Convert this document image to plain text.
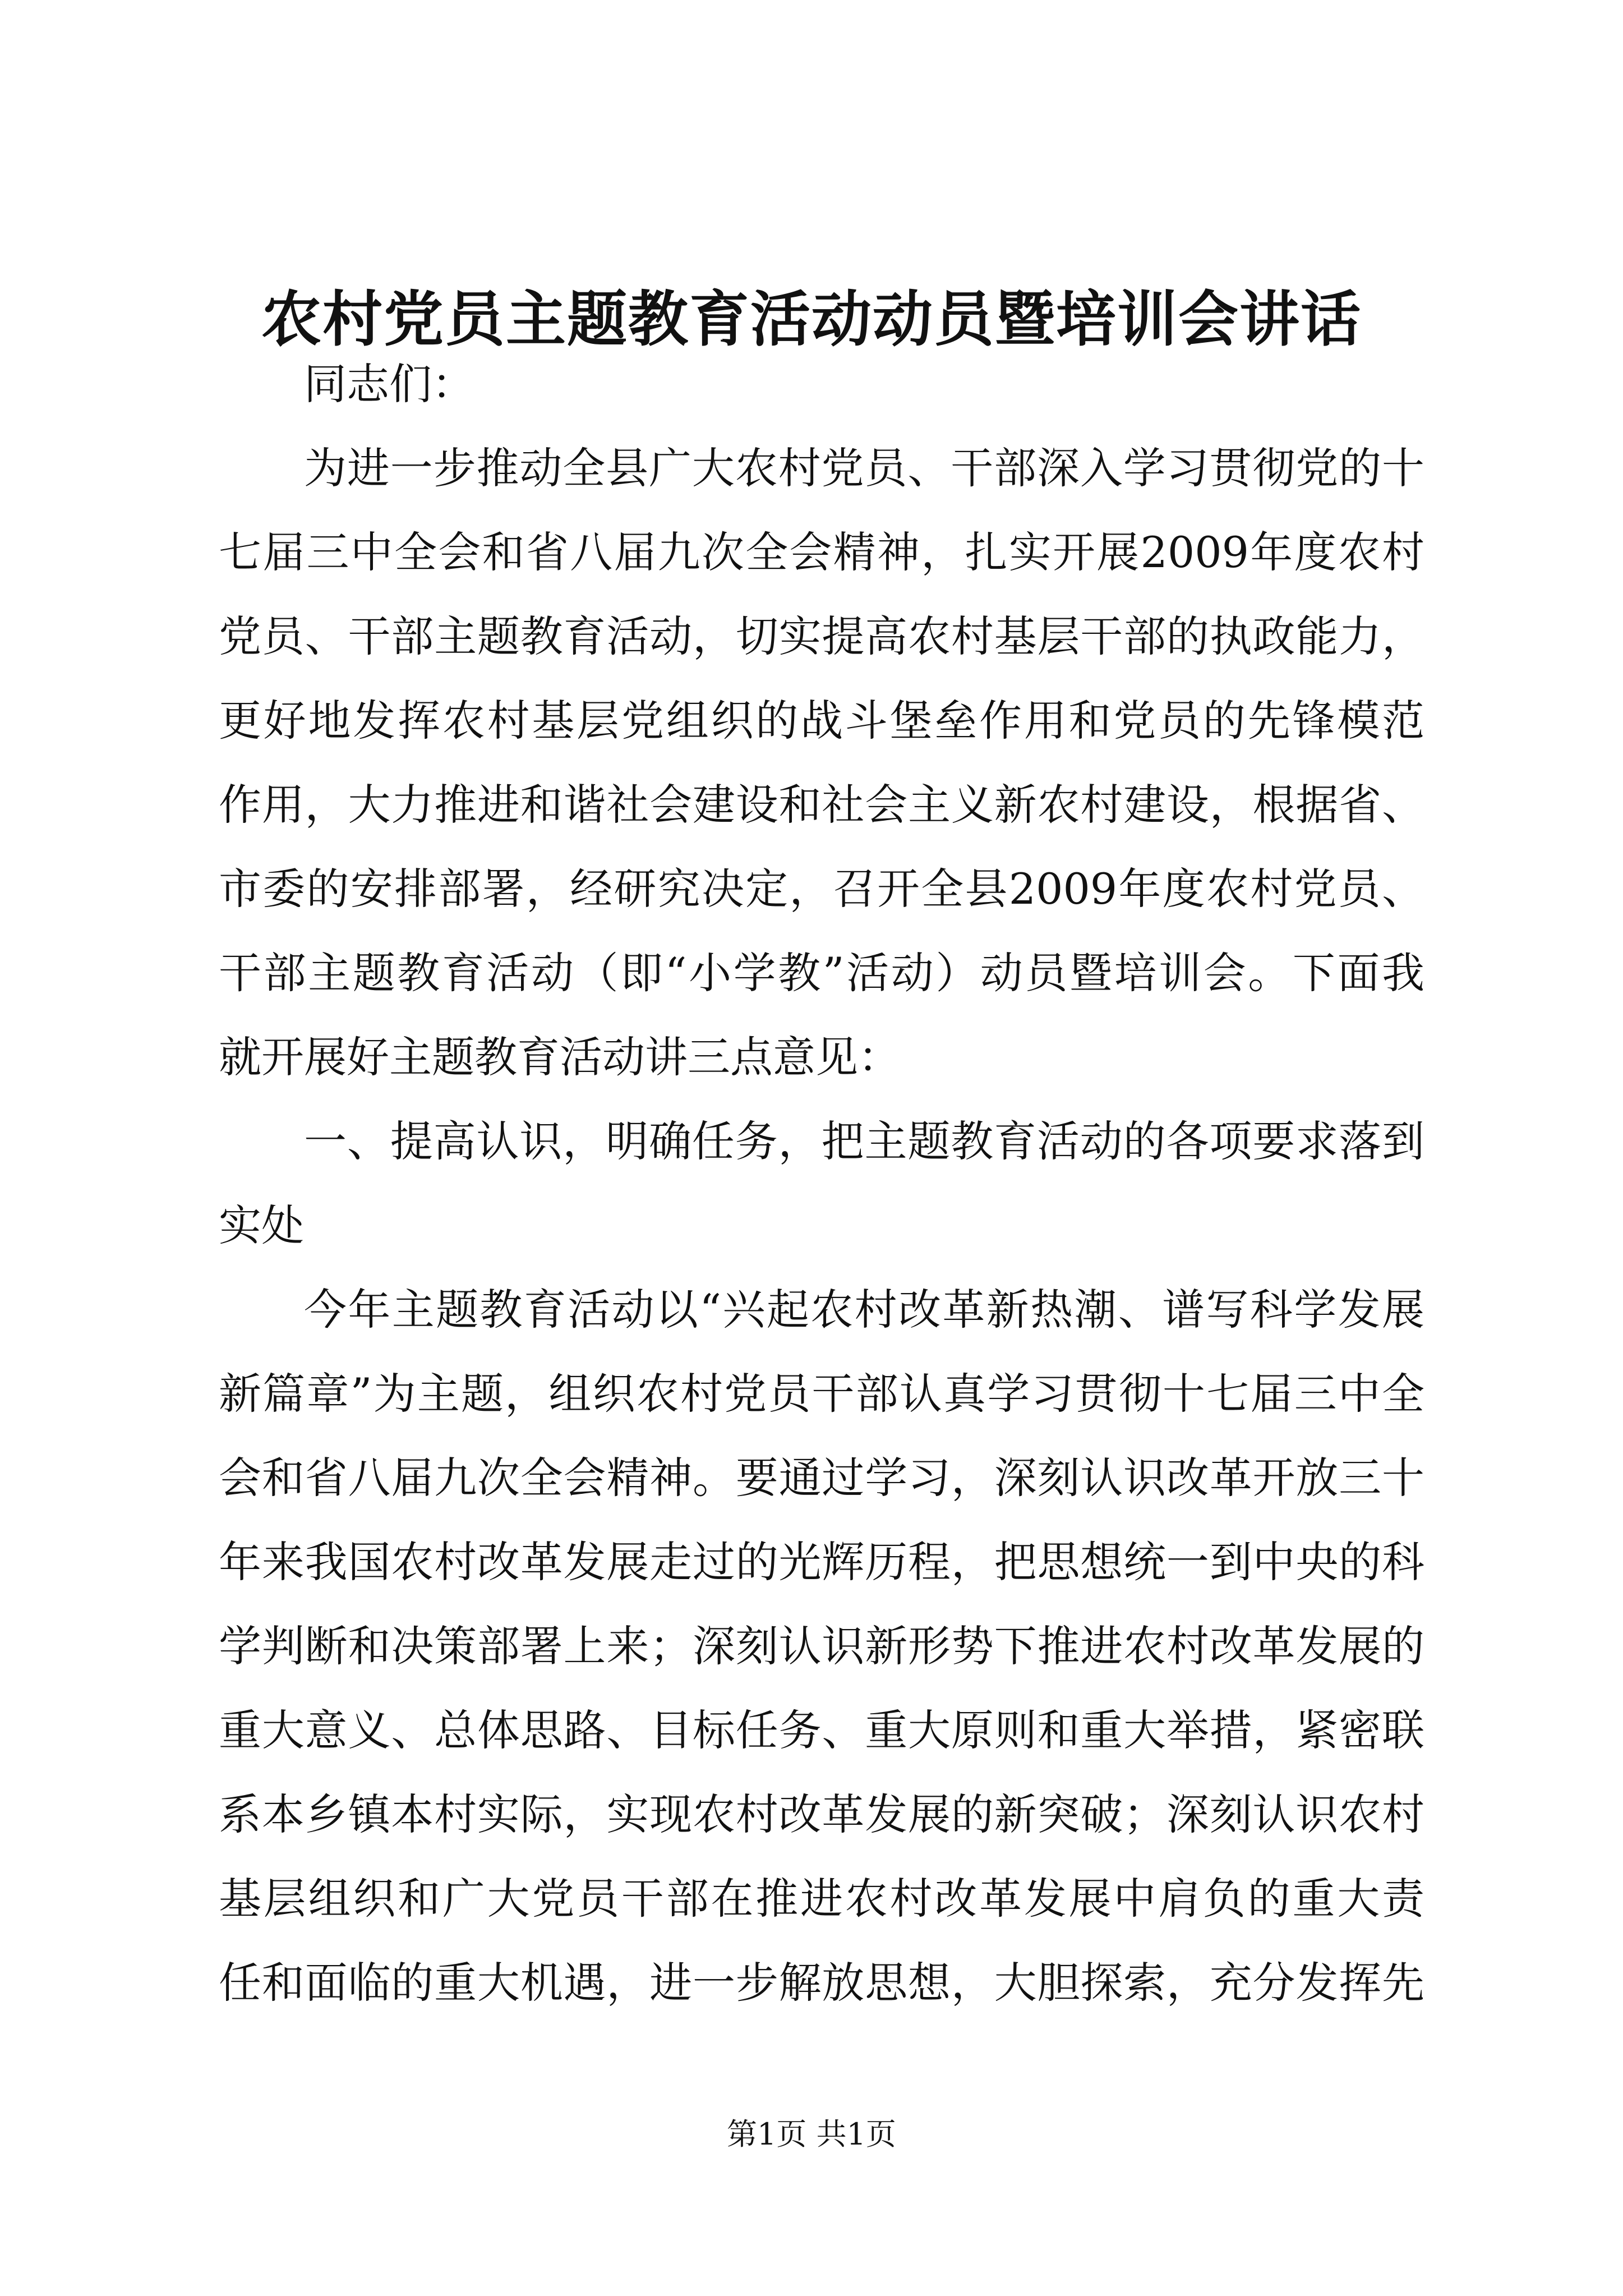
农村党员主题教育活动动员暨培训会讲话
同志们：
为进一步推动全县广大农村党员、干部深入学习贯彻党的十
七届三中全会和省八届九次全会精神，扎实开展2009年度农村
党员、干部主题教育活动，切实提高农村基层干部的执政能力，
更好地发挥农村基层党组织的战斗堡垒作用和党员的先锋模范
作用，大力推进和谐社会建设和社会主义新农村建设，根据省、
市委的安排部署，经研究决定，召开全县2009年度农村党员、
干部主题教育活动（即“小学教”活动）动员暨培训会。下面我
就开展好主题教育活动讲三点意见：
一、提高认识，明确任务，把主题教育活动的各项要求落到
实处
今年主题教育活动以“兴起农村改革新热潮、谱写科学发展
新篇章”为主题，组织农村党员干部认真学习贯彻十七届三中全
会和省八届九次全会精神。要通过学习，深刻认识改革开放三十
年来我国农村改革发展走过的光辉历程，把思想统一到中央的科
学判断和决策部署上来；深刻认识新形势下推进农村改革发展的
重大意义、总体思路、目标任务、重大原则和重大举措，紧密联
系本乡镇本村实际，实现农村改革发展的新突破；深刻认识农村
基层组织和广大党员干部在推进农村改革发展中肩负的重大责
任和面临的重大机遇，进一步解放思想，大胆探索，充分发挥先
第1页 共1页
